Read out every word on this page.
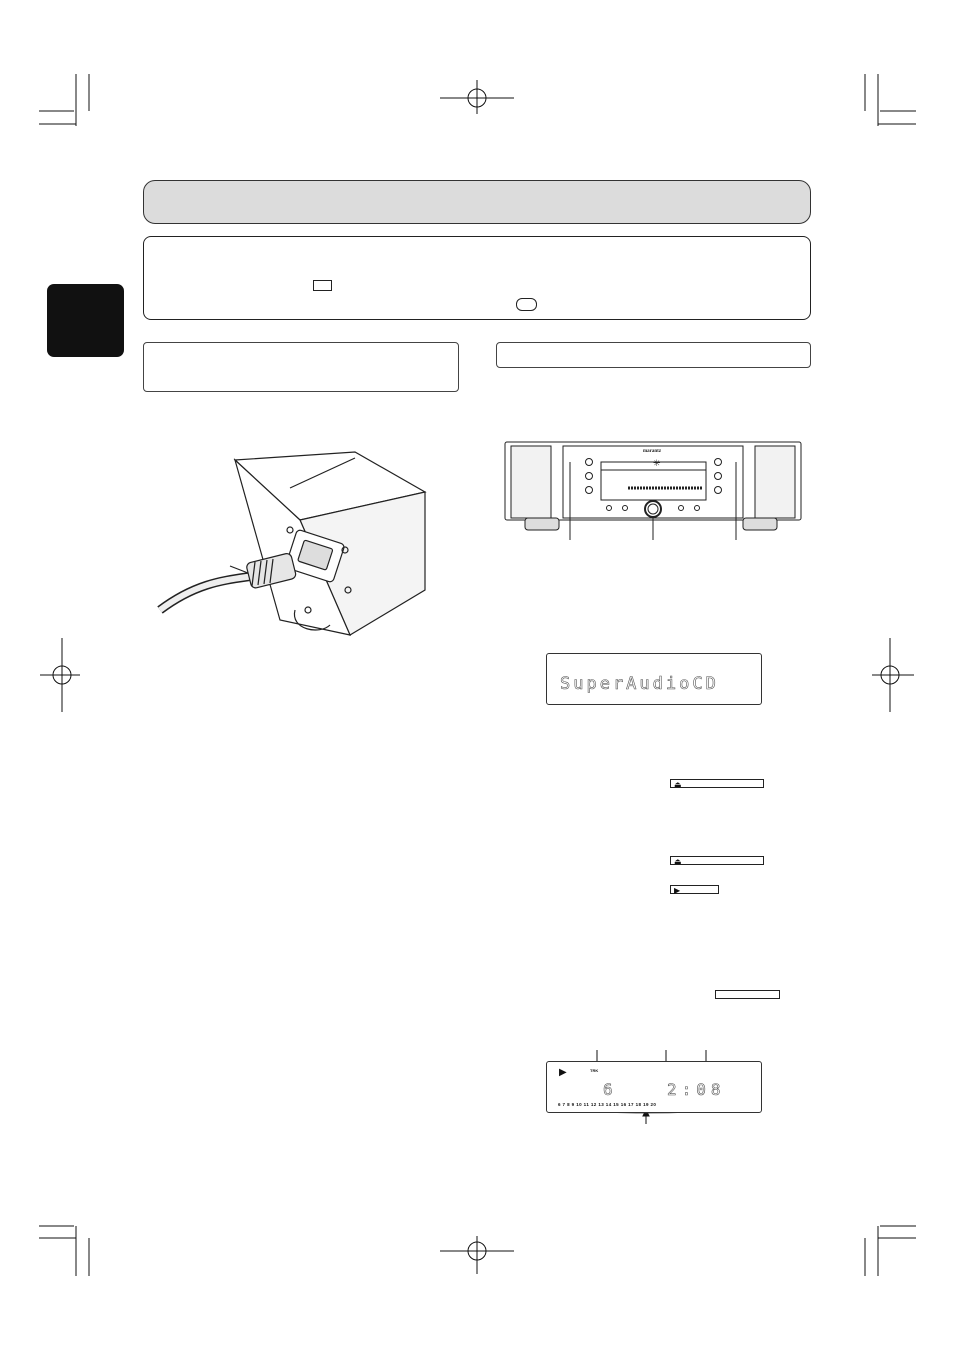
marantz
✳
SuperAudioCD
⏏
⏏
▶
▶	TRK
6	2:08
6 7 8 9 10 11 12 13 14 15 16 17 18 19 20
